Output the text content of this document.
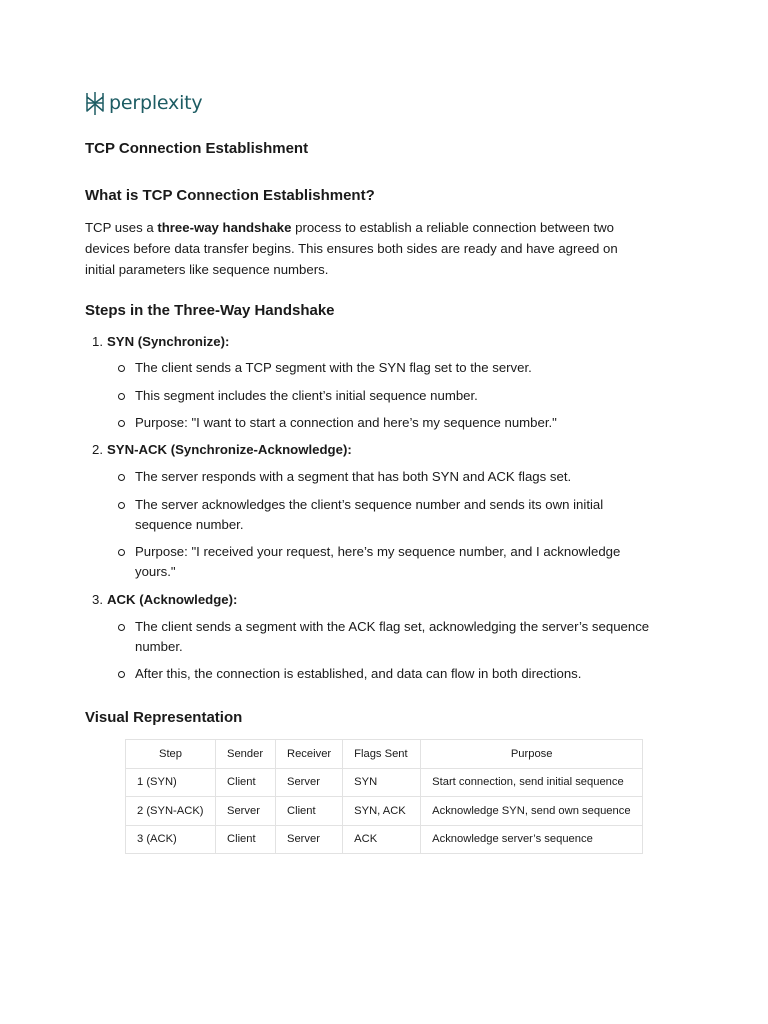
perplexity
TCP Connection Establishment
What is TCP Connection Establishment?
TCP uses a three-way handshake process to establish a reliable connection between two
devices before data transfer begins. This ensures both sides are ready and have agreed on
initial parameters like sequence numbers.
Steps in the Three-Way Handshake
1. SYN (Synchronize):
The client sends a TCP segment with the SYN flag set to the server.
This segment includes the client’s initial sequence number.
Purpose: "I want to start a connection and here’s my sequence number."
2. SYN-ACK (Synchronize-Acknowledge):
The server responds with a segment that has both SYN and ACK flags set.
The server acknowledges the client’s sequence number and sends its own initial
sequence number.
Purpose: "I received your request, here’s my sequence number, and I acknowledge
yours."
3. ACK (Acknowledge):
The client sends a segment with the ACK flag set, acknowledging the server’s sequence
number.
After this, the connection is established, and data can flow in both directions.
Visual Representation
Step	Sender	Receiver	Flags Sent	Purpose
1 (SYN)	Client	Server	SYN	Start connection, send initial sequence
2 (SYN-ACK)	Server	Client	SYN, ACK	Acknowledge SYN, send own sequence
3 (ACK)	Client	Server	ACK	Acknowledge server’s sequence
